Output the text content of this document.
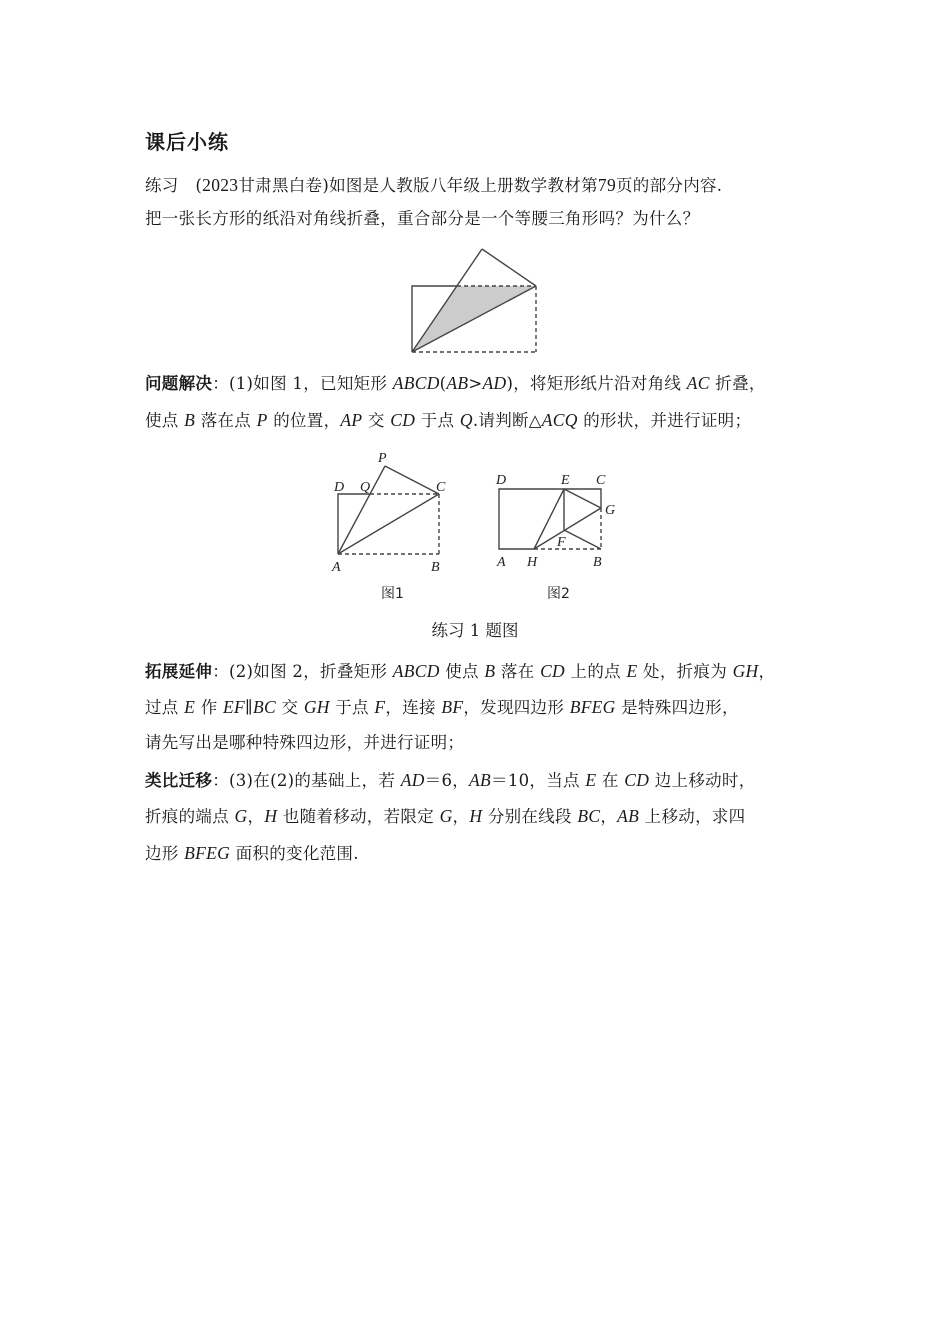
课后小练
练习　(2023甘肃黑白卷)如图是人教版八年级上册数学教材第79页的部分内容.
把一张长方形的纸沿对角线折叠，重合部分是一个等腰三角形吗？为什么？
问题解决：(1)如图 1，已知矩形 ABCD(AB>AD)，将矩形纸片沿对角线 AC 折叠，
使点 B 落在点 P 的位置，AP 交 CD 于点 Q.请判断△ACQ 的形状，并进行证明；
练习 1 题图
拓展延伸：(2)如图 2，折叠矩形 ABCD 使点 B 落在 CD 上的点 E 处，折痕为 GH，
过点 E 作 EF∥BC 交 GH 于点 F，连接 BF，发现四边形 BFEG 是特殊四边形，
请先写出是哪种特殊四边形，并进行证明；
类比迁移：(3)在(2)的基础上，若 AD＝6，AB＝10，当点 E 在 CD 边上移动时，
折痕的端点 G，H 也随着移动，若限定 G，H 分别在线段 BC，AB 上移动，求四
边形 BFEG 面积的变化范围.
P
D Q	C
A	B
图1
D	E C
G
F
A H	B
图2
